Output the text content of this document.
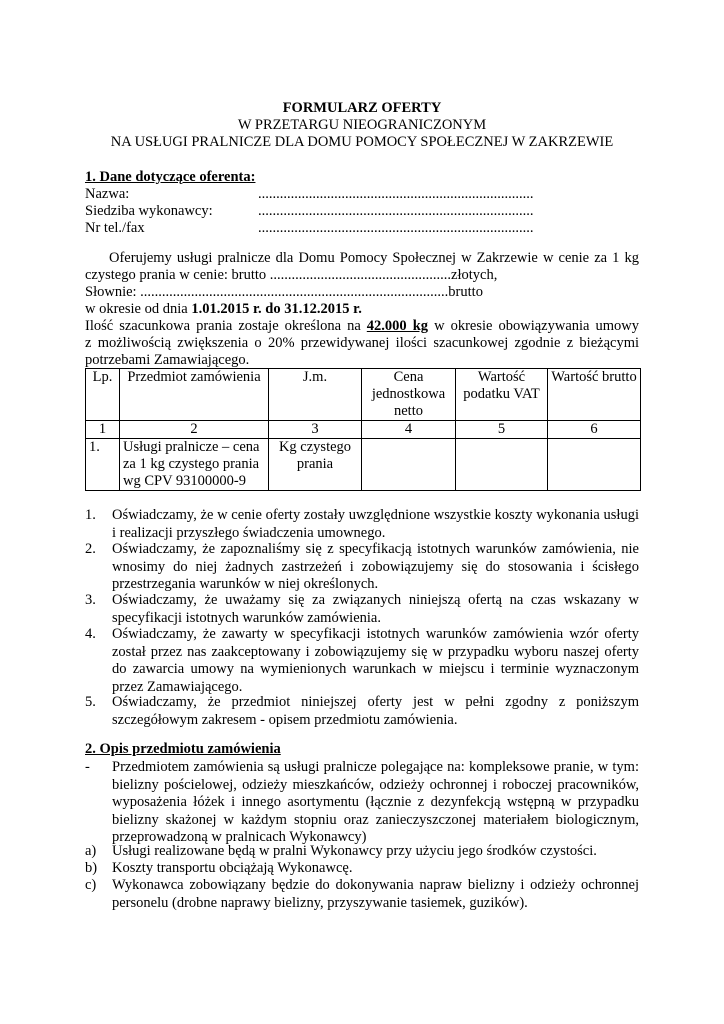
FORMULARZ OFERTY
W PRZETARGU NIEOGRANICZONYM
NA USŁUGI PRALNICZE DLA DOMU POMOCY SPOŁECZNEJ W ZAKRZEWIE
1. Dane dotyczące oferenta:
Nazwa:	............................................................................
Siedziba wykonawcy:	............................................................................
Nr tel./fax	............................................................................
Oferujemy usługi pralnicze dla Domu Pomocy Społecznej w Zakrzewie w cenie za 1 kg
czystego prania w cenie: brutto ..................................................złotych,
Słownie: .....................................................................................brutto
w okresie od dnia 1.01.2015 r. do 31.12.2015 r.
Ilość szacunkowa prania zostaje określona na 42.000 kg w okresie obowiązywania umowy
z możliwością zwiększenia o 20% przewidywanej ilości szacunkowej zgodnie z bieżącymi
potrzebami Zamawiającego.
Lp.	Przedmiot zamówienia	J.m.	Cena jednostkowa netto	Wartość podatku VAT	Wartość brutto
1	2	3	4	5	6
1.	Usługi pralnicze – cena za 1 kg czystego prania wg CPV 93100000-9	Kg czystego prania			
1. Oświadczamy, że w cenie oferty zostały uwzględnione wszystkie koszty wykonania usługi i realizacji przyszłego świadczenia umownego.
2. Oświadczamy, że zapoznaliśmy się z specyfikacją istotnych warunków zamówienia, nie wnosimy do niej żadnych zastrzeżeń i zobowiązujemy się do stosowania i ścisłego przestrzegania warunków w niej określonych.
3. Oświadczamy, że uważamy się za związanych niniejszą ofertą na czas wskazany w specyfikacji istotnych warunków zamówienia.
4. Oświadczamy, że zawarty w specyfikacji istotnych warunków zamówienia wzór oferty został przez nas zaakceptowany i zobowiązujemy się w przypadku wyboru naszej oferty do zawarcia umowy na wymienionych warunkach w miejscu i terminie wyznaczonym przez Zamawiającego.
5. Oświadczamy, że przedmiot niniejszej oferty jest w pełni zgodny z poniższym szczegółowym zakresem - opisem przedmiotu zamówienia.
2. Opis przedmiotu zamówienia
- Przedmiotem zamówienia są usługi pralnicze polegające na: kompleksowe pranie, w tym: bielizny pościelowej, odzieży mieszkańców, odzieży ochronnej i roboczej pracowników, wyposażenia łóżek i innego asortymentu (łącznie z dezynfekcją wstępną w przypadku bielizny skażonej w każdym stopniu oraz zanieczyszczonej materiałem biologicznym, przeprowadzoną w pralnicach Wykonawcy)
a) Usługi realizowane będą w pralni Wykonawcy przy użyciu jego środków czystości.
b) Koszty transportu obciążają Wykonawcę.
c) Wykonawca zobowiązany będzie do dokonywania napraw bielizny i odzieży ochronnej personelu (drobne naprawy bielizny, przyszywanie tasiemek, guzików).
